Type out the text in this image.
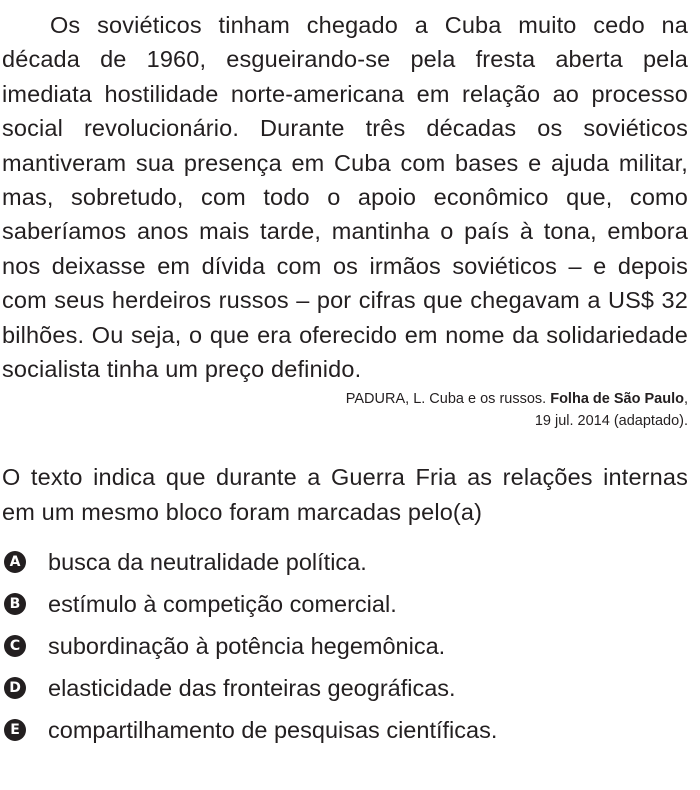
Os soviéticos tinham chegado a Cuba muito cedo na década de 1960, esgueirando-se pela fresta aberta pela imediata hostilidade norte-americana em relação ao processo social revolucionário. Durante três décadas os soviéticos mantiveram sua presença em Cuba com bases e ajuda militar, mas, sobretudo, com todo o apoio econômico que, como saberíamos anos mais tarde, mantinha o país à tona, embora nos deixasse em dívida com os irmãos soviéticos – e depois com seus herdeiros russos – por cifras que chegavam a US$ 32 bilhões. Ou seja, o que era oferecido em nome da solidariedade socialista tinha um preço definido.

PADURA, L. Cuba e os russos. Folha de São Paulo,
19 jul. 2014 (adaptado).

O texto indica que durante a Guerra Fria as relações internas em um mesmo bloco foram marcadas pelo(a)

A busca da neutralidade política.
B estímulo à competição comercial.
C subordinação à potência hegemônica.
D elasticidade das fronteiras geográficas.
E compartilhamento de pesquisas científicas.
